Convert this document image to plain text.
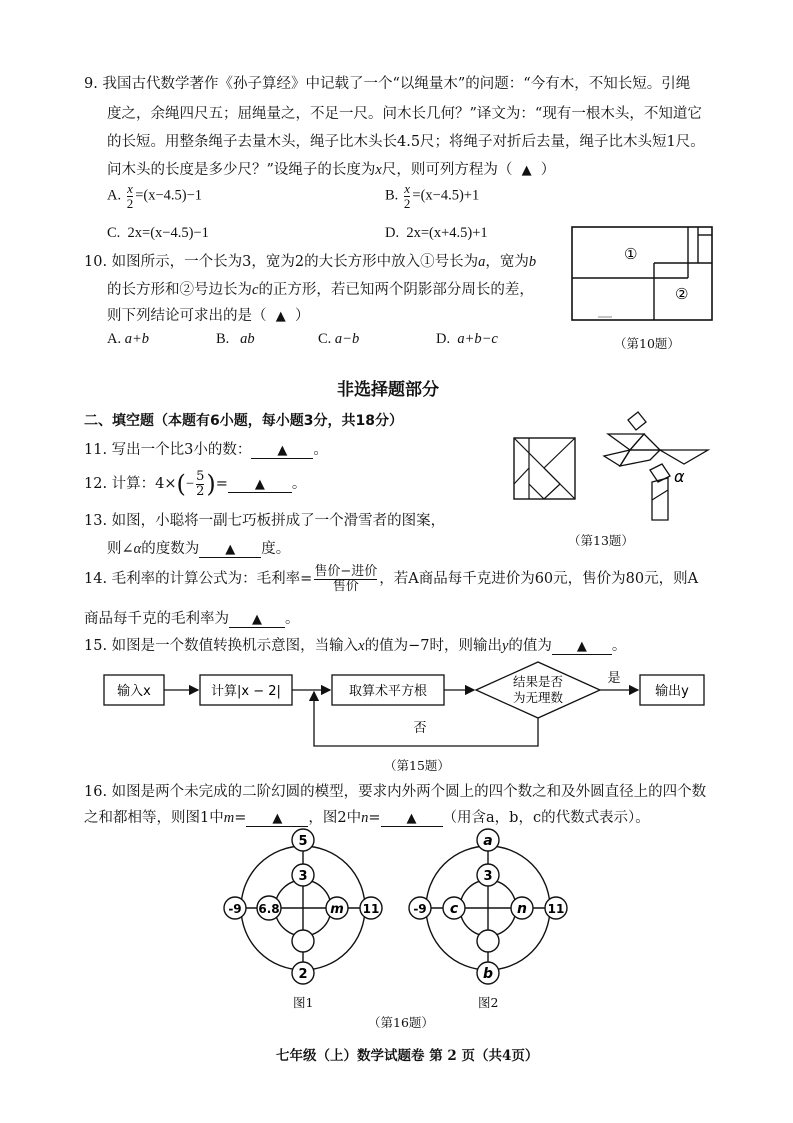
9. 我国古代数学著作《孙子算经》中记载了一个“以绳量木”的问题：“今有木，不知长短。引绳
度之，余绳四尺五；屈绳量之，不足一尺。问木长几何？”译文为：“现有一根木头，不知道它
的长短。用整条绳子去量木头，绳子比木头长4.5尺；将绳子对折后去量，绳子比木头短1尺。
问木头的长度是多少尺？”设绳子的长度为x尺，则可列方程为（ ▲ ）
A. $\frac{x}{2} =(x-4.5)-1$	B. $\frac{x}{2} =(x-4.5)+1$
C. 2x=(x−4.5)−1	D. 2x=(x+4.5)+1
10. 如图所示，一个长为3，宽为2的大长方形中放入①号长为a，宽为b
的长方形和②号边长为c的正方形，若已知两个阴影部分周长的差，
则下列结论可求出的是（ ▲ ）
A. a+b	B. ab	C. a−b	D. a+b−c
①
②
（第10题）
非选择题部分
二、填空题（本题有6小题，每小题3分，共18分）
11. 写出一个比3小的数： ▲ 。
12. 计算：$4\times(- \frac{5}{2}$ )= ▲ 。
13. 如图，小聪将一副七巧板拼成了一个滑雪者的图案，
则∠α的度数为 ▲ 度。
α
（第13题）
14. 毛利率的计算公式为：毛利率= $\frac{\text{售价−进价}}{\text{售价}}$ ，若A商品每千克进价为60元，售价为80元，则A
商品每千克的毛利率为 ▲ 。
15. 如图是一个数值转换机示意图，当输入x的值为−7时，则输出y的值为 ▲ 。
输入x	计算|x − 2|	取算术平方根
结果是否
为无理数
是
输出y
否
（第15题）
16. 如图是两个未完成的二阶幻圆的模型，要求内外两个圆上的四个数之和及外圆直径上的四个数
之和都相等，则图1中m= ▲ ，图2中n= ▲ （用含a，b，c的代数式表示）。
5
3
-9 6.8	m 11
2
图1
a
3
-9 c	n 11
b
图2
（第16题）
七年级（上）数学试题卷 第 2 页（共4页）
